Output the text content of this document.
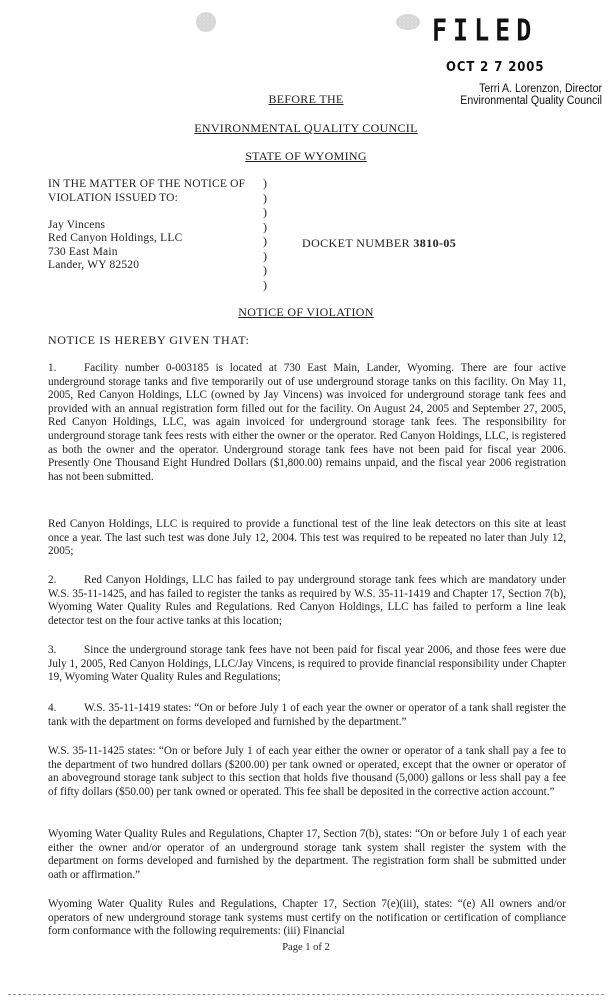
FILED
OCT 2 7 2005
Terri A. Lorenzon, Director
Environmental Quality Council
BEFORE THE
ENVIRONMENTAL QUALITY COUNCIL
STATE OF WYOMING
IN THE MATTER OF THE NOTICE OF
VIOLATION ISSUED TO:
Jay Vincens
Red Canyon Holdings, LLC
730 East Main
Lander, WY 82520
)
)
)
)
)
)
)
)
DOCKET NUMBER 3810-05
NOTICE OF VIOLATION
NOTICE IS HEREBY GIVEN THAT:
1. Facility number 0-003185 is located at 730 East Main, Lander, Wyoming. There are four active underground storage tanks and five temporarily out of use underground storage tanks on this facility. On May 11, 2005, Red Canyon Holdings, LLC (owned by Jay Vincens) was invoiced for underground storage tank fees and provided with an annual registration form filled out for the facility. On August 24, 2005 and September 27, 2005, Red Canyon Holdings, LLC, was again invoiced for underground storage tank fees. The responsibility for underground storage tank fees rests with either the owner or the operator. Red Canyon Holdings, LLC, is registered as both the owner and the operator. Underground storage tank fees have not been paid for fiscal year 2006. Presently One Thousand Eight Hundred Dollars ($1,800.00) remains unpaid, and the fiscal year 2006 registration has not been submitted.
Red Canyon Holdings, LLC is required to provide a functional test of the line leak detectors on this site at least once a year. The last such test was done July 12, 2004. This test was required to be repeated no later than July 12, 2005;
2. Red Canyon Holdings, LLC has failed to pay underground storage tank fees which are mandatory under W.S. 35-11-1425, and has failed to register the tanks as required by W.S. 35-11-1419 and Chapter 17, Section 7(b), Wyoming Water Quality Rules and Regulations. Red Canyon Holdings, LLC has failed to perform a line leak detector test on the four active tanks at this location;
3. Since the underground storage tank fees have not been paid for fiscal year 2006, and those fees were due July 1, 2005, Red Canyon Holdings, LLC/Jay Vincens, is required to provide financial responsibility under Chapter 19, Wyoming Water Quality Rules and Regulations;
4. W.S. 35-11-1419 states: “On or before July 1 of each year the owner or operator of a tank shall register the tank with the department on forms developed and furnished by the department.”
W.S. 35-11-1425 states: “On or before July 1 of each year either the owner or operator of a tank shall pay a fee to the department of two hundred dollars ($200.00) per tank owned or operated, except that the owner or operator of an aboveground storage tank subject to this section that holds five thousand (5,000) gallons or less shall pay a fee of fifty dollars ($50.00) per tank owned or operated. This fee shall be deposited in the corrective action account.”
Wyoming Water Quality Rules and Regulations, Chapter 17, Section 7(b), states: “On or before July 1 of each year either the owner and/or operator of an underground storage tank system shall register the system with the department on forms developed and furnished by the department. The registration form shall be submitted under oath or affirmation.”
Wyoming Water Quality Rules and Regulations, Chapter 17, Section 7(e)(iii), states: “(e) All owners and/or operators of new underground storage tank systems must certify on the notification or certification of compliance form conformance with the following requirements: (iii) Financial
Page 1 of 2
